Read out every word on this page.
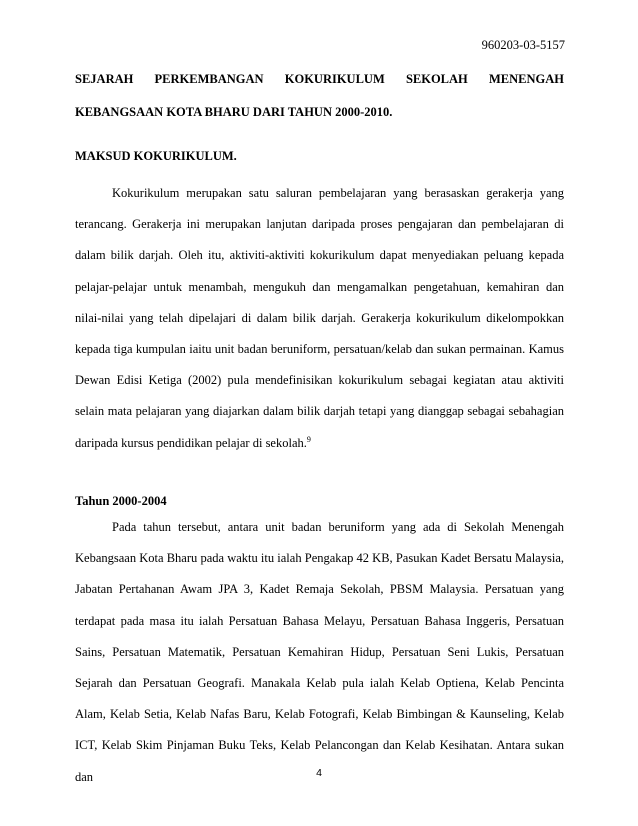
960203-03-5157
SEJARAH PERKEMBANGAN KOKURIKULUM SEKOLAH MENENGAH
KEBANGSAAN KOTA BHARU DARI TAHUN 2000-2010.
MAKSUD KOKURIKULUM.

Kokurikulum merupakan satu saluran pembelajaran yang berasaskan gerakerja yang terancang. Gerakerja ini merupakan lanjutan daripada proses pengajaran dan pembelajaran di dalam bilik darjah. Oleh itu, aktiviti-aktiviti kokurikulum dapat menyediakan peluang kepada pelajar-pelajar untuk menambah, mengukuh dan mengamalkan pengetahuan, kemahiran dan nilai-nilai yang telah dipelajari di dalam bilik darjah. Gerakerja kokurikulum dikelompokkan kepada tiga kumpulan iaitu unit badan beruniform, persatuan/kelab dan sukan permainan. Kamus Dewan Edisi Ketiga (2002) pula mendefinisikan kokurikulum sebagai kegiatan atau aktiviti selain mata pelajaran yang diajarkan dalam bilik darjah tetapi yang dianggap sebagai sebahagian daripada kursus pendidikan pelajar di sekolah.$^9$

Tahun 2000-2004

Pada tahun tersebut, antara unit badan beruniform yang ada di Sekolah Menengah Kebangsaan Kota Bharu pada waktu itu ialah Pengakap 42 KB, Pasukan Kadet Bersatu Malaysia, Jabatan Pertahanan Awam JPA 3, Kadet Remaja Sekolah, PBSM Malaysia. Persatuan yang terdapat pada masa itu ialah Persatuan Bahasa Melayu, Persatuan Bahasa Inggeris, Persatuan Sains, Persatuan Matematik, Persatuan Kemahiran Hidup, Persatuan Seni Lukis, Persatuan Sejarah dan Persatuan Geografi. Manakala Kelab pula ialah Kelab Optiena, Kelab Pencinta Alam, Kelab Setia, Kelab Nafas Baru, Kelab Fotografi, Kelab Bimbingan & Kaunseling, Kelab ICT, Kelab Skim Pinjaman Buku Teks, Kelab Pelancongan dan Kelab Kesihatan. Antara sukan dan	4
